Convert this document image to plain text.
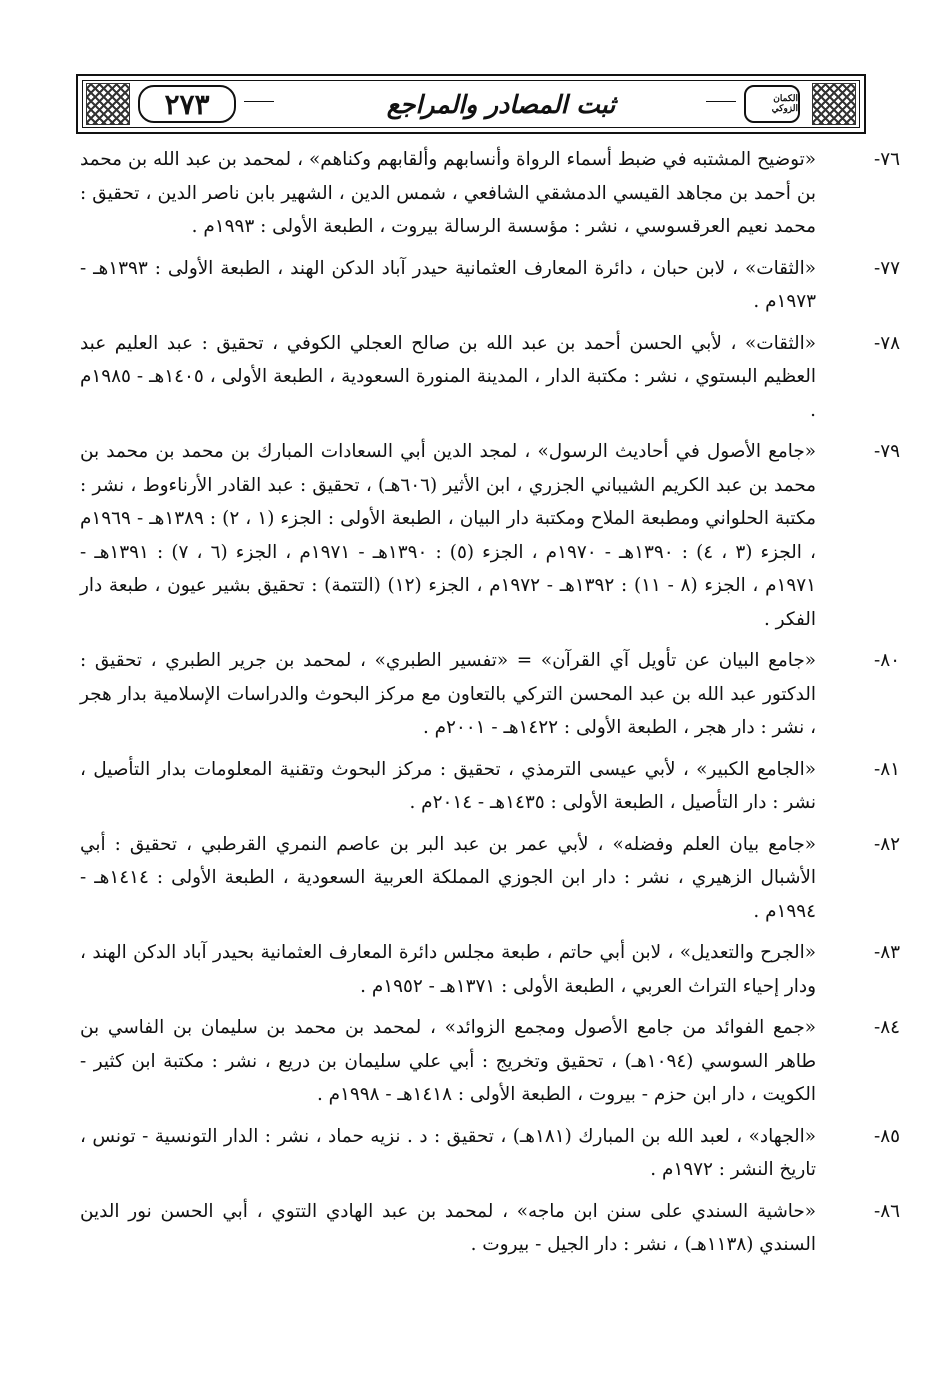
٢٧٣	ثبت المصادر والمراجع	الكمان الزوكي
٧٦-
«توضيح المشتبه في ضبط أسماء الرواة وأنسابهم وألقابهم وكناهم» ، لمحمد بن عبد الله بن محمد بن أحمد بن مجاهد القيسي الدمشقي الشافعي ، شمس الدين ، الشهير بابن ناصر الدين ، تحقيق : محمد نعيم العرقسوسي ، نشر : مؤسسة الرسالة بيروت ، الطبعة الأولى : ١٩٩٣م .
٧٧-
«الثقات» ، لابن حبان ، دائرة المعارف العثمانية حيدر آباد الدكن الهند ، الطبعة الأولى : ١٣٩٣هـ - ١٩٧٣م .
٧٨-
«الثقات» ، لأبي الحسن أحمد بن عبد الله بن صالح العجلي الكوفي ، تحقيق : عبد العليم عبد العظيم البستوي ، نشر : مكتبة الدار ، المدينة المنورة السعودية ، الطبعة الأولى ، ١٤٠٥هـ - ١٩٨٥م .
٧٩-
«جامع الأصول في أحاديث الرسول» ، لمجد الدين أبي السعادات المبارك بن محمد بن محمد بن محمد بن عبد الكريم الشيباني الجزري ، ابن الأثير (٦٠٦هـ) ، تحقيق : عبد القادر الأرناءوط ، نشر : مكتبة الحلواني ومطبعة الملاح ومكتبة دار البيان ، الطبعة الأولى : الجزء (١ ، ٢) : ١٣٨٩هـ - ١٩٦٩م ، الجزء (٣ ، ٤) : ١٣٩٠هـ - ١٩٧٠م ، الجزء (٥) : ١٣٩٠هـ - ١٩٧١م ، الجزء (٦ ، ٧) : ١٣٩١هـ - ١٩٧١م ، الجزء (٨ - ١١) : ١٣٩٢هـ - ١٩٧٢م ، الجزء (١٢) (التتمة) : تحقيق بشير عيون ، طبعة دار الفكر .
٨٠-
«جامع البيان عن تأويل آي القرآن» = «تفسير الطبري» ، لمحمد بن جرير الطبري ، تحقيق : الدكتور عبد الله بن عبد المحسن التركي بالتعاون مع مركز البحوث والدراسات الإسلامية بدار هجر ، نشر : دار هجر ، الطبعة الأولى : ١٤٢٢هـ - ٢٠٠١م .
٨١-
«الجامع الكبير» ، لأبي عيسى الترمذي ، تحقيق : مركز البحوث وتقنية المعلومات بدار التأصيل ، نشر : دار التأصيل ، الطبعة الأولى : ١٤٣٥هـ - ٢٠١٤م .
٨٢-
«جامع بيان العلم وفضله» ، لأبي عمر بن عبد البر بن عاصم النمري القرطبي ، تحقيق : أبي الأشبال الزهيري ، نشر : دار ابن الجوزي المملكة العربية السعودية ، الطبعة الأولى : ١٤١٤هـ - ١٩٩٤م .
٨٣-
«الجرح والتعديل» ، لابن أبي حاتم ، طبعة مجلس دائرة المعارف العثمانية بحيدر آباد الدكن الهند ، ودار إحياء التراث العربي ، الطبعة الأولى : ١٣٧١هـ - ١٩٥٢م .
٨٤-
«جمع الفوائد من جامع الأصول ومجمع الزوائد» ، لمحمد بن محمد بن سليمان بن الفاسي بن طاهر السوسي (١٠٩٤هـ) ، تحقيق وتخريج : أبي علي سليمان بن دريع ، نشر : مكتبة ابن كثير - الكويت ، دار ابن حزم - بيروت ، الطبعة الأولى : ١٤١٨هـ - ١٩٩٨م .
٨٥-
«الجهاد» ، لعبد الله بن المبارك (١٨١هـ) ، تحقيق : د . نزيه حماد ، نشر : الدار التونسية - تونس ، تاريخ النشر : ١٩٧٢م .
٨٦-
«حاشية السندي على سنن ابن ماجه» ، لمحمد بن عبد الهادي التتوي ، أبي الحسن نور الدين السندي (١١٣٨هـ) ، نشر : دار الجيل - بيروت .
